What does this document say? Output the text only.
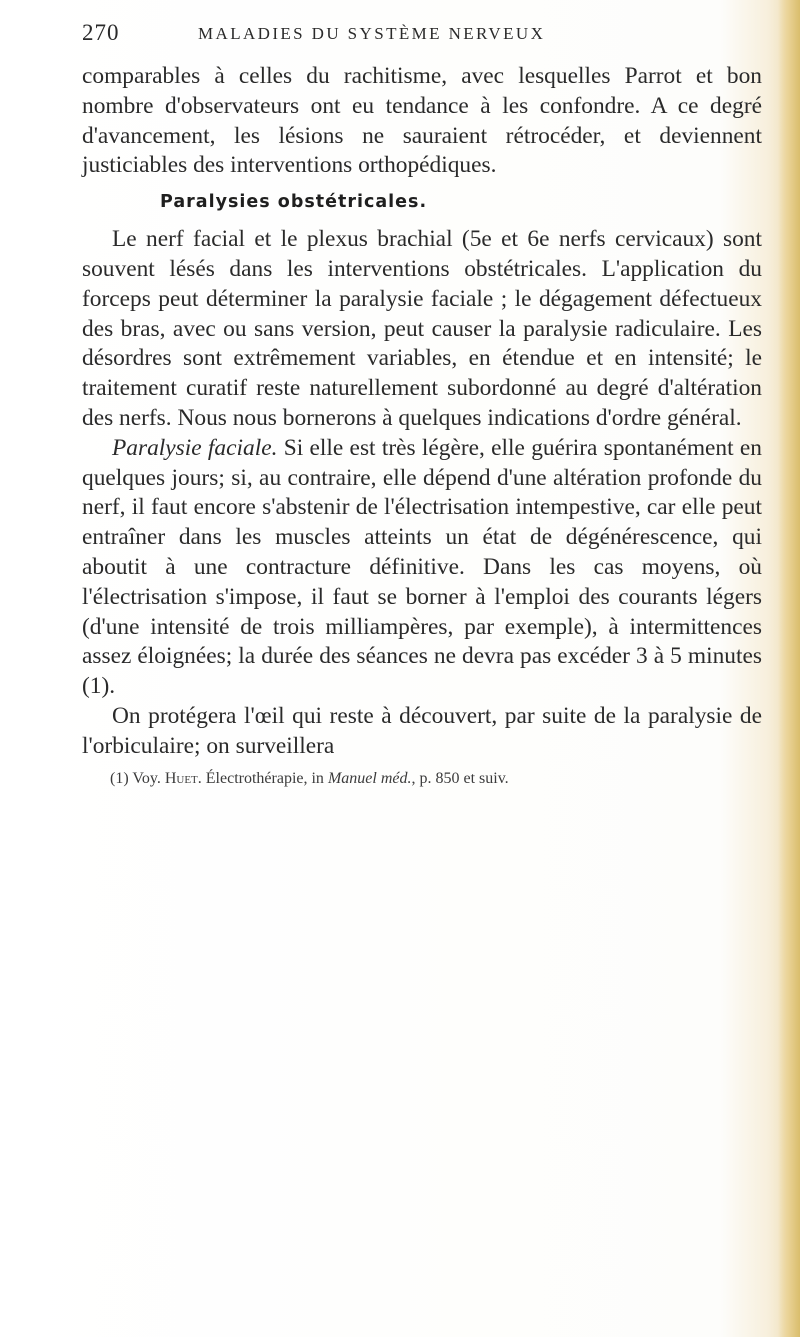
270	MALADIES DU SYSTÈME NERVEUX

comparables à celles du rachitisme, avec lesquelles Parrot et bon nombre d'observateurs ont eu tendance à les confondre. A ce degré d'avancement, les lésions ne sauraient rétrocéder, et deviennent justiciables des interventions orthopédiques.

Paralysies obstétricales.

Le nerf facial et le plexus brachial (5e et 6e nerfs cervicaux) sont souvent lésés dans les interventions obstétricales. L'application du forceps peut déterminer la paralysie faciale ; le dégagement défectueux des bras, avec ou sans version, peut causer la paralysie radiculaire. Les désordres sont extrêmement variables, en étendue et en intensité; le traitement curatif reste naturellement subordonné au degré d'altération des nerfs. Nous nous bornerons à quelques indications d'ordre général.

Paralysie faciale. Si elle est très légère, elle guérira spontanément en quelques jours; si, au contraire, elle dépend d'une altération profonde du nerf, il faut encore s'abstenir de l'électrisation intempestive, car elle peut entraîner dans les muscles atteints un état de dégénérescence, qui aboutit à une contracture définitive. Dans les cas moyens, où l'électrisation s'impose, il faut se borner à l'emploi des courants légers (d'une intensité de trois milliampères, par exemple), à intermittences assez éloignées; la durée des séances ne devra pas excéder 3 à 5 minutes (1).

On protégera l'œil qui reste à découvert, par suite de la paralysie de l'orbiculaire; on surveillera

(1) Voy. Huet. Électrothérapie, in Manuel méd., p. 850 et suiv.
